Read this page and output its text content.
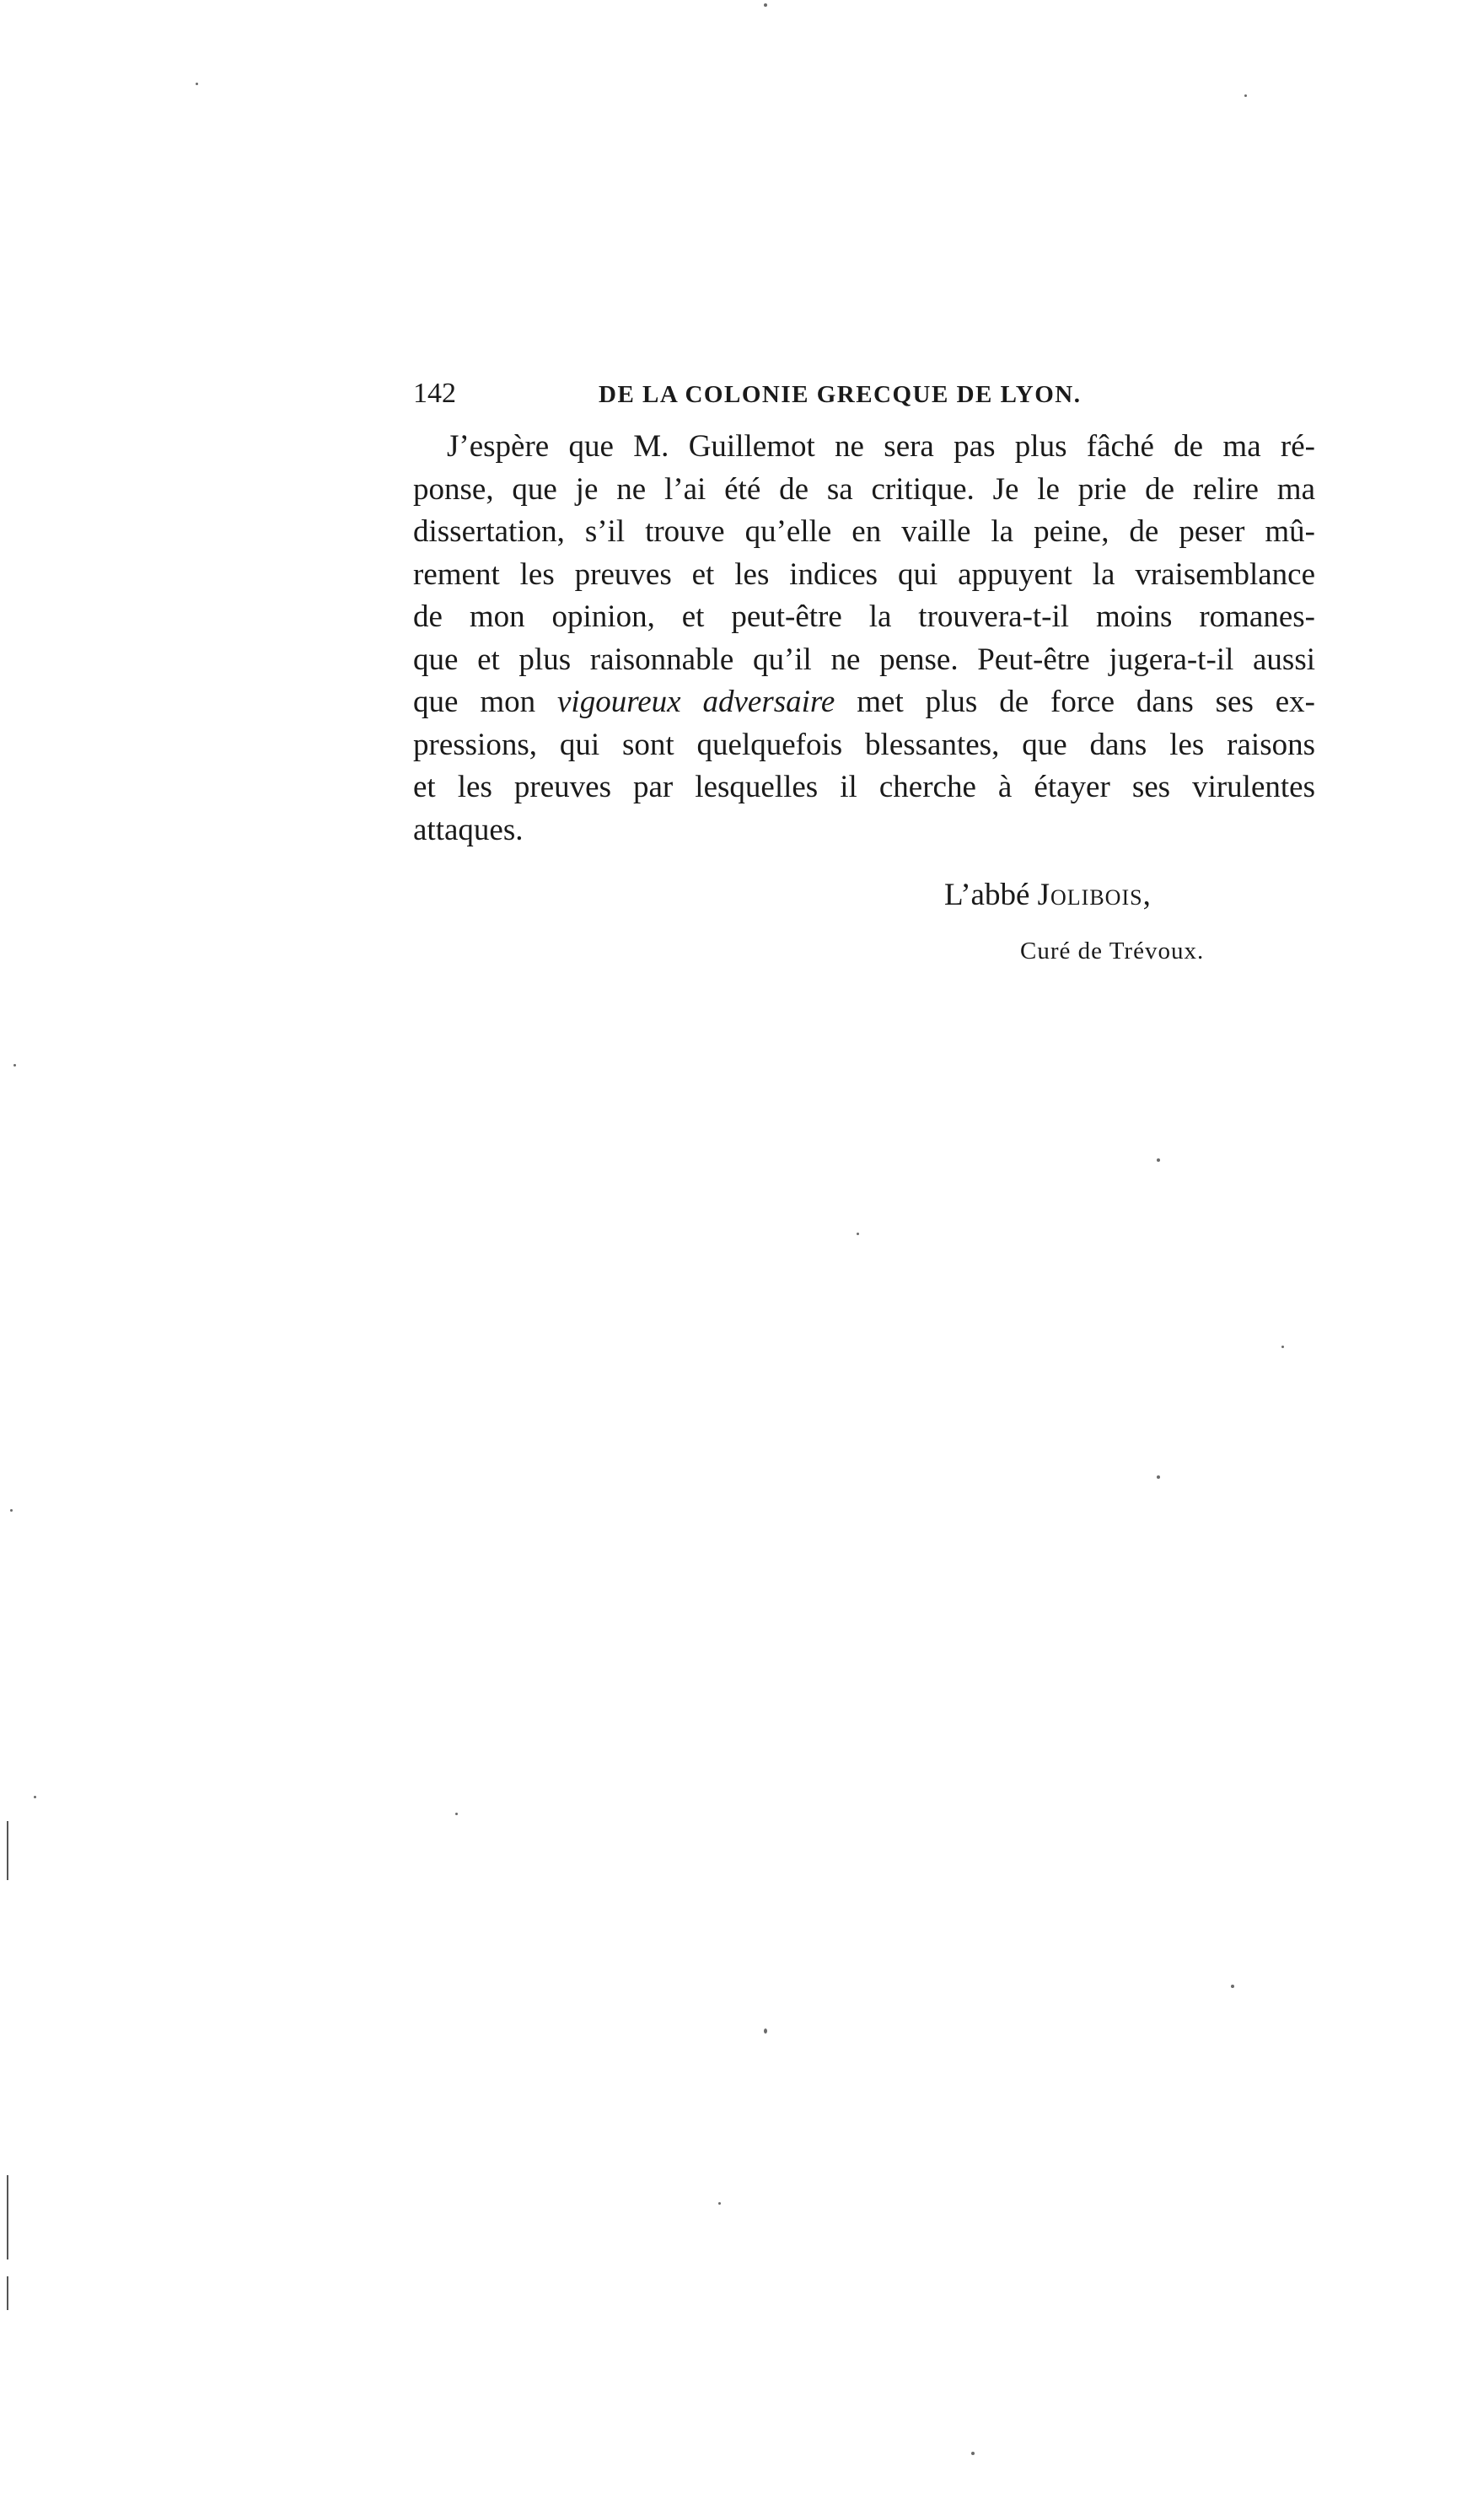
142	DE LA COLONIE GRECQUE DE LYON.
J’espère que M. Guillemot ne sera pas plus fâché de ma ré-
ponse, que je ne l’ai été de sa critique. Je le prie de relire ma
dissertation, s’il trouve qu’elle en vaille la peine, de peser mû-
rement les preuves et les indices qui appuyent la vraisemblance
de mon opinion, et peut-être la trouvera-t-il moins romanes-
que et plus raisonnable qu’il ne pense. Peut-être jugera-t-il aussi
que mon vigoureux adversaire met plus de force dans ses ex-
pressions, qui sont quelquefois blessantes, que dans les raisons
et les preuves par lesquelles il cherche à étayer ses virulentes
attaques.
L’abbé Jolibois,
Curé de Trévoux.
